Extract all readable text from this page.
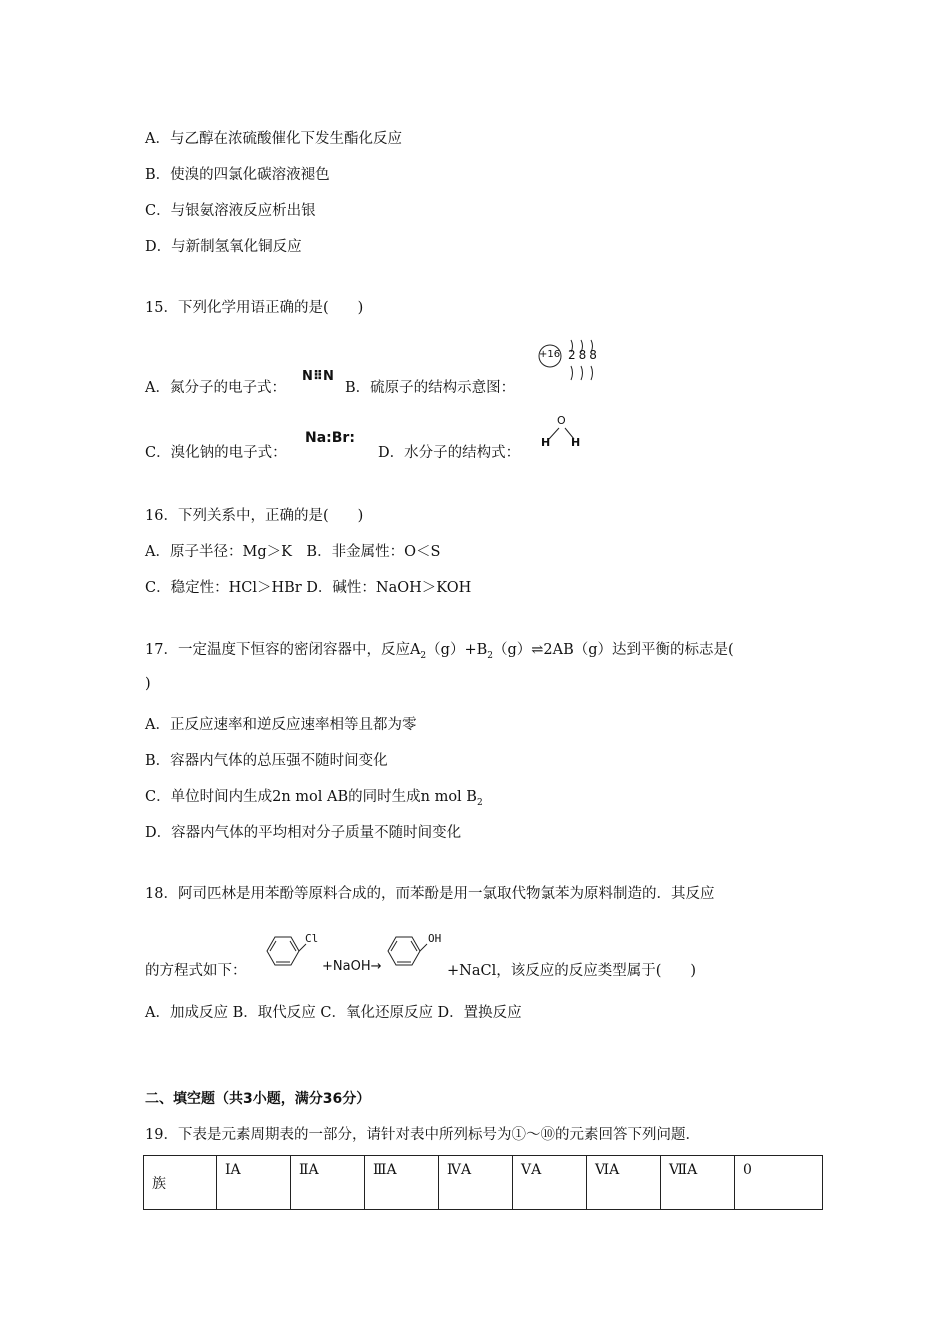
A．与乙醇在浓硫酸催化下发生酯化反应
B．使溴的四氯化碳溶液褪色
C．与银氨溶液反应析出银
D．与新制氢氧化铜反应
15．下列化学用语正确的是(　　)
A．氮分子的电子式：
N⠿N
B．硫原子的结构示意图：
+16 288
C．溴化钠的电子式：
Na:Br:
D．水分子的结构式：
O
H H
16．下列关系中，正确的是(　　)
A．原子半径：Mg＞K　B．非金属性：O＜S
C．稳定性：HCl＞HBr D．碱性：NaOH＞KOH
17．一定温度下恒容的密闭容器中，反应$A_2(g)+B_2(g)\rightleftharpoons 2AB(g)$达到平衡的标志是(
)
A．正反应速率和逆反应速率相等且都为零
B．容器内气体的总压强不随时间变化
C．单位时间内生成2n mol AB的同时生成n mol $B_2$
D．容器内气体的平均相对分子质量不随时间变化
18．阿司匹林是用苯酚等原料合成的，而苯酚是用一氯取代物氯苯为原料制造的．其反应
的方程式如下：
Cl
+NaOH→
OH
+NaCl，该反应的反应类型属于(　　)
A．加成反应 B．取代反应 C．氧化还原反应 D．置换反应
二、填空题（共3小题，满分36分）
19．下表是元素周期表的一部分，请针对表中所列标号为①～⑩的元素回答下列问题．
族	ⅠA	ⅡA	ⅢA	ⅣA	ⅤA	ⅥA	ⅦA	0
